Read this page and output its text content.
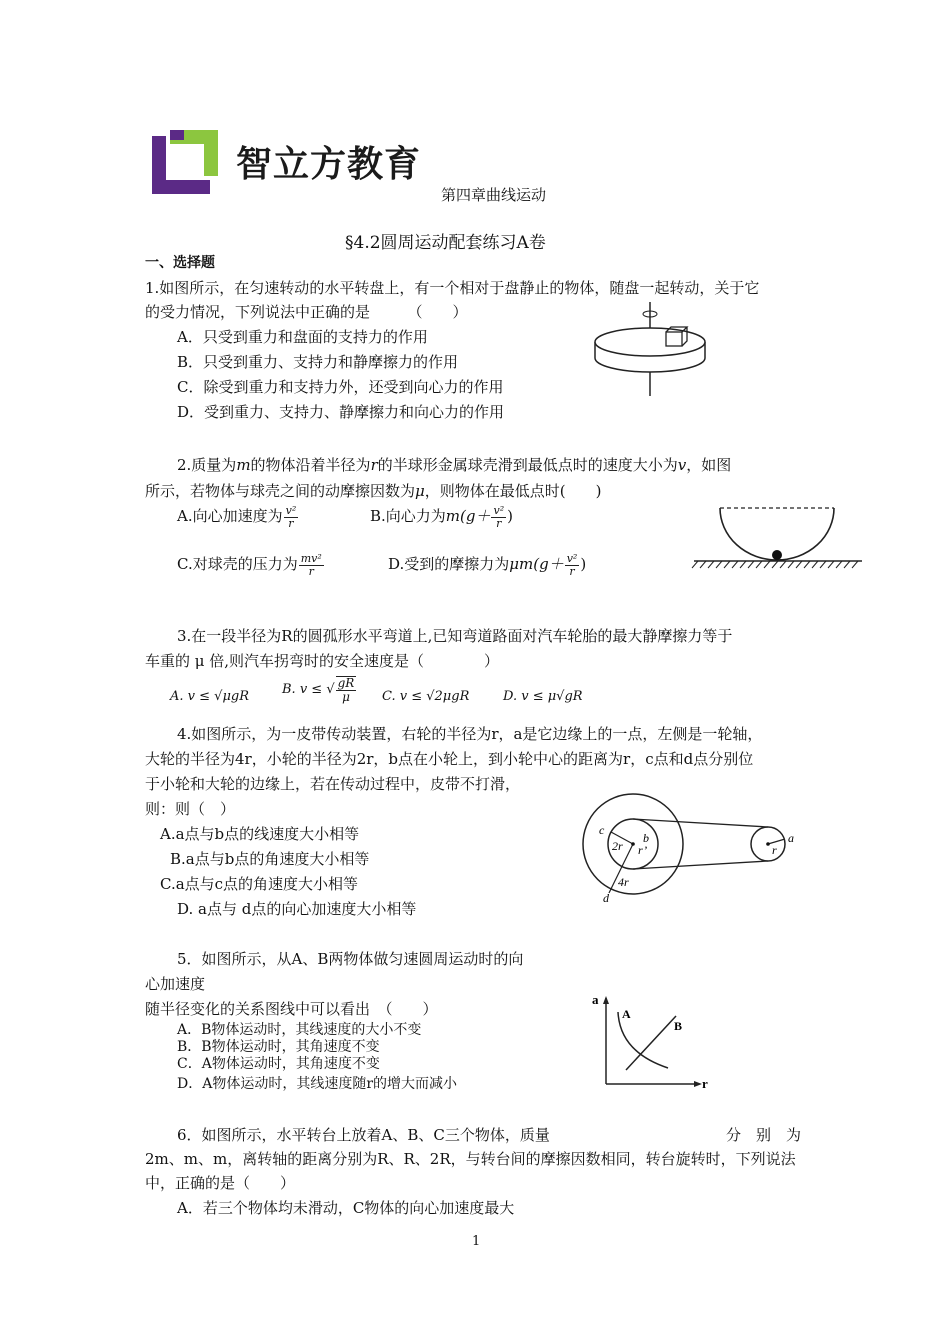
智立方教育
第四章曲线运动
§4.2圆周运动配套练习A卷
一、选择题
1.如图所示，在匀速转动的水平转盘上，有一个相对于盘静止的物体，随盘一起转动，关于它
的受力情况，下列说法中正确的是　　　（　　）
A．只受到重力和盘面的支持力的作用
B．只受到重力、支持力和静摩擦力的作用
C．除受到重力和支持力外，还受到向心力的作用
D．受到重力、支持力、静摩擦力和向心力的作用
2.质量为m的物体沿着半径为r的半球形金属球壳滑到最低点时的速度大小为v，如图
所示，若物体与球壳之间的动摩擦因数为μ，则物体在最低点时(　　)
A.向心加速度为 $\frac{\text{v²}}{r}$	B.向心力为$m(g+ \frac{\text{v²}}{r}$ )
C.对球壳的压力为 $\frac{\text{mv²}}{r}$	D.受到的摩擦力为$\mu m(g+ \frac{\text{v²}}{r}$ )
3.在一段半径为R的圆孤形水平弯道上,已知弯道路面对汽车轮胎的最大静摩擦力等于
车重的 μ 倍,则汽车拐弯时的安全速度是（　　　　）
A. v ≤ √μgR	B. v ≤ √ $\frac{gR}{\mu} C$. v ≤ √2μgR	D. v ≤ μ√gR
4.如图所示，为一皮带传动装置，右轮的半径为r，a是它边缘上的一点，左侧是一轮轴，
大轮的半径为4r，小轮的半径为2r，b点在小轮上，到小轮中心的距离为r，c点和d点分别位
于小轮和大轮的边缘上，若在传动过程中，皮带不打滑，
则：则（　）
A.a点与b点的线速度大小相等
B.a点与b点的角速度大小相等
C.a点与c点的角速度大小相等
D. a点与 d点的向心加速度大小相等
c
b
2r r’
4r
d
a
r
5．如图所示，从A、B两物体做匀速圆周运动时的向
心加速度
随半径变化的关系图线中可以看出　（　　）
A．B物体运动时，其线速度的大小不变
B．B物体运动时，其角速度不变
C．A物体运动时，其角速度不变
D．A物体运动时，其线速度随r的增大而减小
a
r
A
B
6．如图所示，水平转台上放着A、B、C三个物体，质量	分　别　为
2m、m、m，离转轴的距离分别为R、R、2R，与转台间的摩擦因数相同，转台旋转时，下列说法
中，正确的是（　　）
A．若三个物体均未滑动，C物体的向心加速度最大
1
